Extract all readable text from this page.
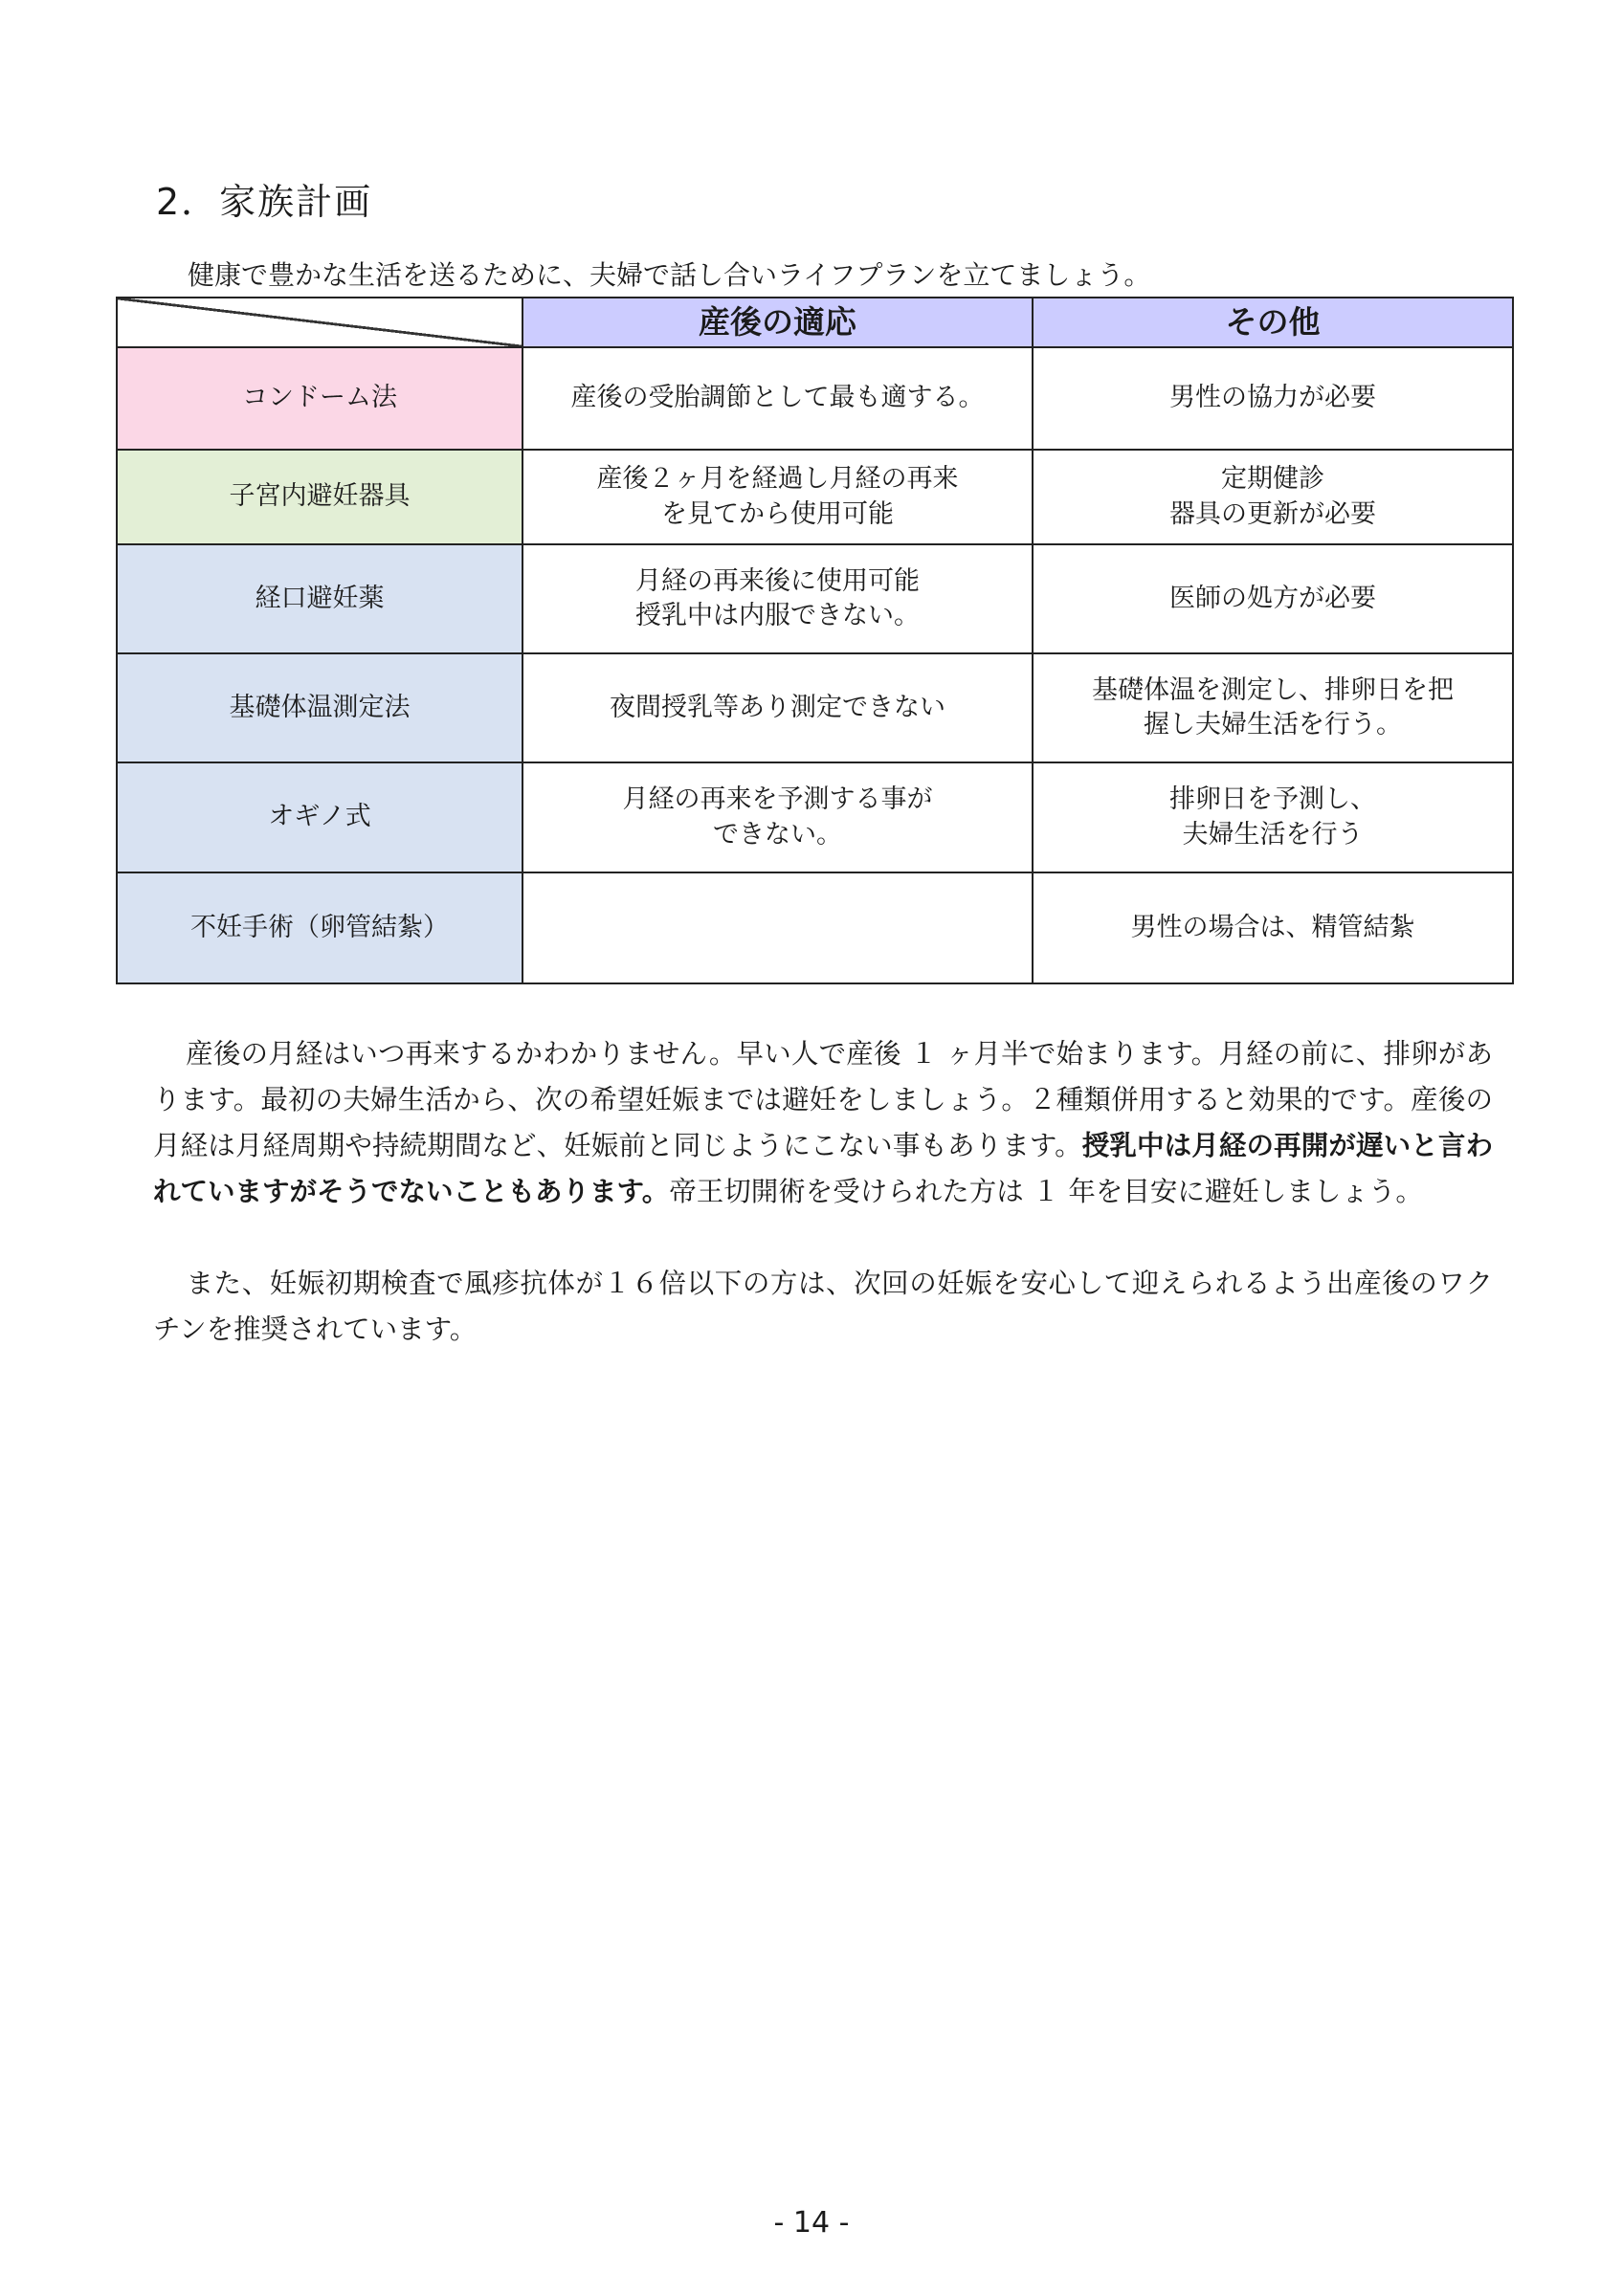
2．家族計画

健康で豊かな生活を送るために、夫婦で話し合いライフプランを立てましょう。

	産後の適応	その他
コンドーム法	産後の受胎調節として最も適する。	男性の協力が必要

子宮内避妊器具	産後２ヶ月を経過し月経の再来
を見てから使用可能	定期健診
器具の更新が必要

経口避妊薬	月経の再来後に使用可能
授乳中は内服できない。	医師の処方が必要

基礎体温測定法	夜間授乳等あり測定できない	基礎体温を測定し、排卵日を把
握し夫婦生活を行う。

オギノ式	月経の再来を予測する事が
できない。	排卵日を予測し、
夫婦生活を行う

不妊手術（卵管結紮）		男性の場合は、精管結紮

産後の月経はいつ再来するかわかりません。早い人で産後 １ ヶ月半で始まります。月経の前に、排卵があります。最初の夫婦生活から、次の希望妊娠までは避妊をしましょう。２種類併用すると効果的です。産後の月経は月経周期や持続期間など、妊娠前と同じようにこない事もあります。授乳中は月経の再開が遅いと言われていますがそうでないこともあります。帝王切開術を受けられた方は １ 年を目安に避妊しましょう。

また、妊娠初期検査で風疹抗体が１６倍以下の方は、次回の妊娠を安心して迎えられるよう出産後のワクチンを推奨されています。

- 14 -
